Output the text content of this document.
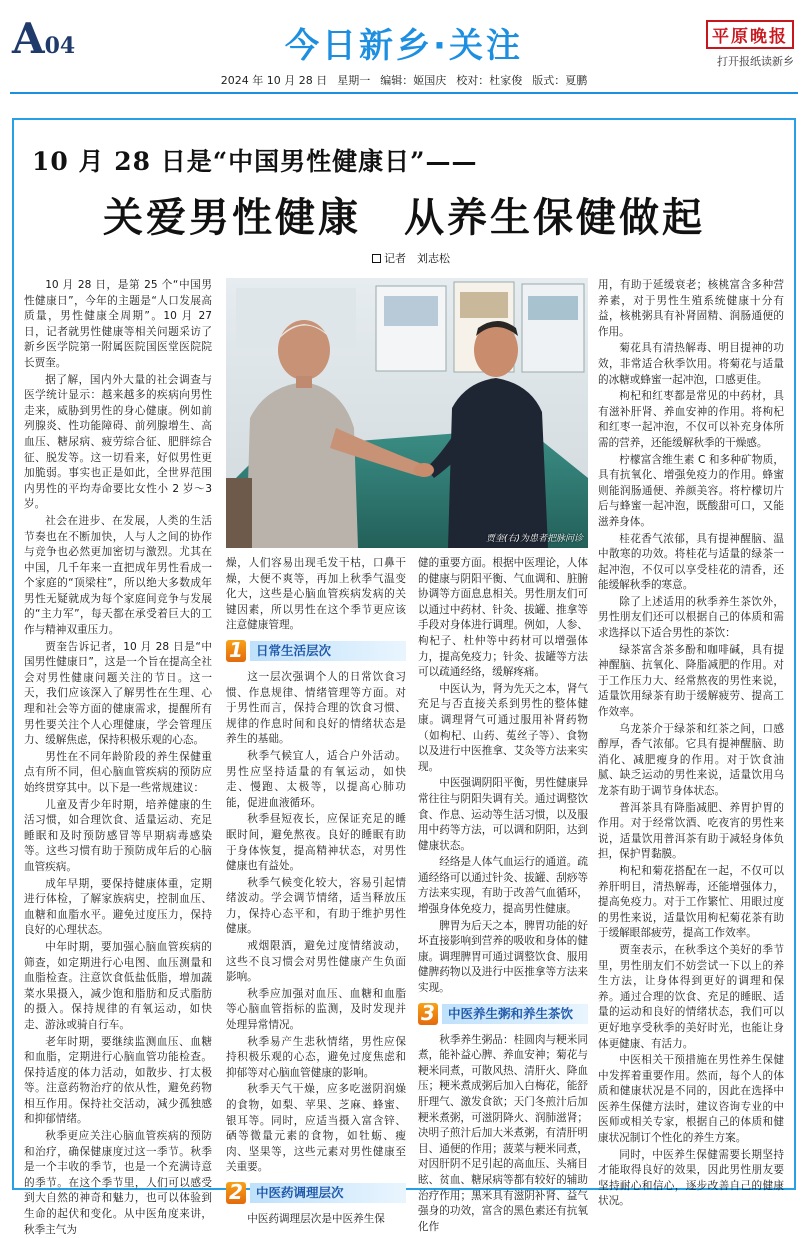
A04	今日新乡·关注	平原晚报
打开报纸读新乡
2024 年 10 月 28 日 星期一 编辑：姬国庆 校对：杜家俊 版式：夏鹏
10 月 28 日是“中国男性健康日”——
关爱男性健康　从养生保健做起
记者　刘志松
贾奎(右)为患者把脉问诊

10 月 28 日，是第 25 个“中国男性健康日”，今年的主题是“人口发展高质量，男性健康全周期”。10 月 27 日，记者就男性健康等相关问题采访了新乡医学院第一附属医院国医堂医院院长贾奎。

据了解，国内外大量的社会调查与医学统计显示：越来越多的疾病向男性走来，威胁到男性的身心健康。例如前列腺炎、性功能障碍、前列腺增生、高血压、糖尿病、疲劳综合征、肥胖综合征、脱发等。这一切看来，好似男性更加脆弱。事实也正是如此，全世界范围内男性的平均寿命要比女性小 2 岁～3 岁。

社会在进步、在发展，人类的生活节奏也在不断加快，人与人之间的协作与竞争也必然更加密切与激烈。尤其在中国，几千年来一直把成年男性看成一个家庭的“顶梁柱”，所以绝大多数成年男性无疑就成为每个家庭间竞争与发展的“主力军”，每天都在承受着巨大的工作与精神双重压力。

贾奎告诉记者，10 月 28 日是“中国男性健康日”，这是一个旨在提高全社会对男性健康问题关注的节日。这一天，我们应该深入了解男性在生理、心理和社会等方面的健康需求，提醒所有男性要关注个人心理健康，学会管理压力、缓解焦虑，保持积极乐观的心态。

男性在不同年龄阶段的养生保健重点有所不同，但心脑血管疾病的预防应始终贯穿其中。以下是一些常规建议：

儿童及青少年时期，培养健康的生活习惯，如合理饮食、适量运动、充足睡眠和及时预防感冒等早期病毒感染等。这些习惯有助于预防成年后的心脑血管疾病。

成年早期，要保持健康体重，定期进行体检，了解家族病史，控制血压、血糖和血脂水平。避免过度压力，保持良好的心理状态。

中年时期，要加强心脑血管疾病的筛查，如定期进行心电图、血压测量和血脂检查。注意饮食低盐低脂，增加蔬菜水果摄入，减少饱和脂肪和反式脂肪的摄入。保持规律的有氧运动，如快走、游泳或骑自行车。

老年时期，要继续监测血压、血糖和血脂，定期进行心脑血管功能检查。保持适度的体力活动，如散步、打太极等。注意药物治疗的依从性，避免药物相互作用。保持社交活动，减少孤独感和抑郁情绪。

秋季更应关注心脑血管疾病的预防和治疗，确保健康度过这一季节。秋季是一个丰收的季节，也是一个充满诗意的季节。在这个季节里，人们可以感受到大自然的神奇和魅力，也可以体验到生命的起伏和变化。从中医角度来讲，秋季主气为

燥，人们容易出现毛发干枯，口鼻干燥，大便不爽等，再加上秋季气温变化大，这些是心脑血管疾病发病的关键因素，所以男性在这个季节更应该注意健康管理。

1	日常生活层次

这一层次强调个人的日常饮食习惯、作息规律、情绪管理等方面。对于男性而言，保持合理的饮食习惯、规律的作息时间和良好的情绪状态是养生的基础。

秋季气候宜人，适合户外活动。男性应坚持适量的有氧运动，如快走、慢跑、太极等，以提高心肺功能，促进血液循环。

秋季昼短夜长，应保证充足的睡眠时间，避免熬夜。良好的睡眠有助于身体恢复，提高精神状态，对男性健康也有益处。

秋季气候变化较大，容易引起情绪波动。学会调节情绪，适当释放压力，保持心态平和，有助于维护男性健康。

戒烟限酒，避免过度情绪波动，这些不良习惯会对男性健康产生负面影响。

秋季应加强对血压、血糖和血脂等心脑血管指标的监测，及时发现并处理异常情况。

秋季易产生悲秋情绪，男性应保持积极乐观的心态，避免过度焦虑和抑郁等对心脑血管健康的影响。

秋季天气干燥，应多吃滋阴润燥的食物，如梨、苹果、芝麻、蜂蜜、银耳等。同时，应适当摄入富含锌、硒等微量元素的食物，如牡蛎、瘦肉、坚果等，这些元素对男性健康至关重要。

2	中医药调理层次

中医药调理层次是中医养生保

健的重要方面。根据中医理论，人体的健康与阴阳平衡、气血调和、脏腑协调等方面息息相关。男性朋友们可以通过中药材、针灸、拔罐、推拿等手段对身体进行调理。例如，人参、枸杞子、杜仲等中药材可以增强体力，提高免疫力；针灸、拔罐等方法可以疏通经络，缓解疼痛。

中医认为，肾为先天之本，肾气充足与否直接关系到男性的整体健康。调理肾气可通过服用补肾药物（如枸杞、山药、菟丝子等）、食物以及进行中医推拿、艾灸等方法来实现。

中医强调阴阳平衡，男性健康异常往往与阴阳失调有关。通过调整饮食、作息、运动等生活习惯，以及服用中药等方法，可以调和阴阳，达到健康状态。

经络是人体气血运行的通道。疏通经络可以通过针灸、拔罐、刮痧等方法来实现，有助于改善气血循环，增强身体免疫力，提高男性健康。

脾胃为后天之本，脾胃功能的好坏直接影响到营养的吸收和身体的健康。调理脾胃可通过调整饮食、服用健脾药物以及进行中医推拿等方法来实现。

3	中医养生粥和养生茶饮

秋季养生粥品：桂圆肉与粳米同煮，能补益心脾、养血安神；菊花与粳米同煮，可散风热、清肝火、降血压；粳米煮成粥后加入白梅花，能舒肝理气、激发食欲；天门冬煎汁后加粳米煮粥，可滋阴降火、润肺滋肾；决明子煎汁后加大米煮粥，有清肝明目、通便的作用；菠菜与粳米同煮，对因肝阴不足引起的高血压、头痛目眩、贫血、糖尿病等都有较好的辅助治疗作用；黑米具有滋阴补肾、益气强身的功效，富含的黑色素还有抗氧化作

用，有助于延缓衰老；核桃富含多种营养素，对于男性生殖系统健康十分有益，核桃粥具有补肾固精、润肠通便的作用。

菊花具有清热解毒、明目提神的功效，非常适合秋季饮用。将菊花与适量的冰糖或蜂蜜一起冲泡，口感更佳。

枸杞和红枣都是常见的中药材，具有滋补肝肾、养血安神的作用。将枸杞和红枣一起冲泡，不仅可以补充身体所需的营养，还能缓解秋季的干燥感。

柠檬富含维生素 C 和多种矿物质，具有抗氧化、增强免疫力的作用。蜂蜜则能润肠通便、养颜美容。将柠檬切片后与蜂蜜一起冲泡，既酸甜可口，又能滋养身体。

桂花香气浓郁，具有提神醒脑、温中散寒的功效。将桂花与适量的绿茶一起冲泡，不仅可以享受桂花的清香，还能缓解秋季的寒意。

除了上述适用的秋季养生茶饮外，男性朋友们还可以根据自己的体质和需求选择以下适合男性的茶饮：

绿茶富含茶多酚和咖啡碱，具有提神醒脑、抗氧化、降脂减肥的作用。对于工作压力大、经常熬夜的男性来说，适量饮用绿茶有助于缓解疲劳、提高工作效率。

乌龙茶介于绿茶和红茶之间，口感醇厚，香气浓郁。它具有提神醒脑、助消化、减肥瘦身的作用。对于饮食油腻、缺乏运动的男性来说，适量饮用乌龙茶有助于调节身体状态。

普洱茶具有降脂减肥、养胃护胃的作用。对于经常饮酒、吃夜宵的男性来说，适量饮用普洱茶有助于减轻身体负担，保护胃黏膜。

枸杞和菊花搭配在一起，不仅可以养肝明目，清热解毒，还能增强体力，提高免疫力。对于工作繁忙、用眼过度的男性来说，适量饮用枸杞菊花茶有助于缓解眼部疲劳，提高工作效率。

贾奎表示，在秋季这个美好的季节里，男性朋友们不妨尝试一下以上的养生方法，让身体得到更好的调理和保养。通过合理的饮食、充足的睡眠、适量的运动和良好的情绪状态，我们可以更好地享受秋季的美好时光，也能让身体更健康、有活力。

中医相关干预措施在男性养生保健中发挥着重要作用。然而，每个人的体质和健康状况是不同的，因此在选择中医养生保健方法时，建议咨询专业的中医师或相关专家，根据自己的体质和健康状况制订个性化的养生方案。

同时，中医养生保健需要长期坚持才能取得良好的效果，因此男性朋友要坚持耐心和信心，逐步改善自己的健康状况。
